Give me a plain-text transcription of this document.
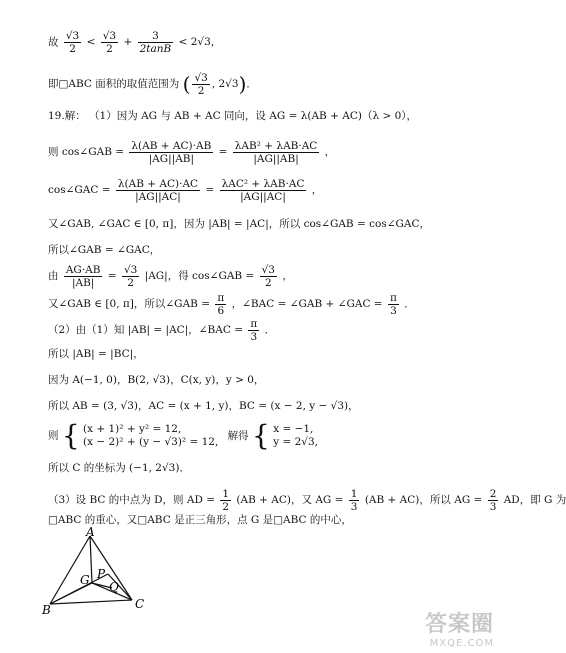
故 $\frac{√3}{2} < \frac{√3}{2} + \frac{3}{2\tan B} < 2√3$，
即□ABC 面积的取值范围为 ( $\frac{√3}{2}$ , 2√3)．
19.解： （1）因为 AG 与 AB + AC 同向，设 AG = λ(AB + AC)（λ > 0），
则 cos∠GAB = $\frac{\lambda(AB + AC)\cdot AB}{|AG||AB|} = \frac{\text{λAB² + λAB·AC}}{|AG||AB|}$ ，
cos∠GAC = $\frac{\lambda(AB + AC)\cdot AC}{|AG||AC|} = \frac{\text{λAC² + λAB·AC}}{|AG||AC|}$ ，
又∠GAB, ∠GAC ∈ [0, π]，因为 |AB| = |AC|，所以 cos∠GAB = cos∠GAC，
所以∠GAB = ∠GAC，
由 $\frac{AG\cdot AB}{|AB|} = \frac{√3}{2} |AG|$，得 cos∠GAB = $\frac{√3}{2}$ ，
又∠GAB ∈ [0, π]，所以∠GAB = $\frac{\pi}{6}$ ，∠BAC = ∠GAB + ∠GAC = $\frac{\pi}{3}$ ．
（2）由（1）知 |AB| = |AC|，∠BAC = $\frac{\pi}{3}$ ．
所以 |AB| = |BC|，
因为 A(−1, 0)，B(2, √3)，C(x, y)，y > 0，
所以 AB = (3, √3)，AC = (x + 1, y)，BC = (x − 2, y − √3)，
则 { (x + 1)² + y² = 12,
(x − 2)² + (y − √3)² = 12,
解得 { x = −1,
y = 2√3,
所以 C 的坐标为 (−1, 2√3)．
（3）设 BC 的中点为 D，则 AD = $\frac{1}{2} (AB + AC)$，又 AG = $\frac{1}{3} (AB + AC)$，所以 AG = $\frac{2}{3}$ AD，即 G 为
□ABC 的重心，又□ABC 是正三角形，点 G 是□ABC 的中心，
A
B	C
G P
Q
答案圈
MXQE.COM
